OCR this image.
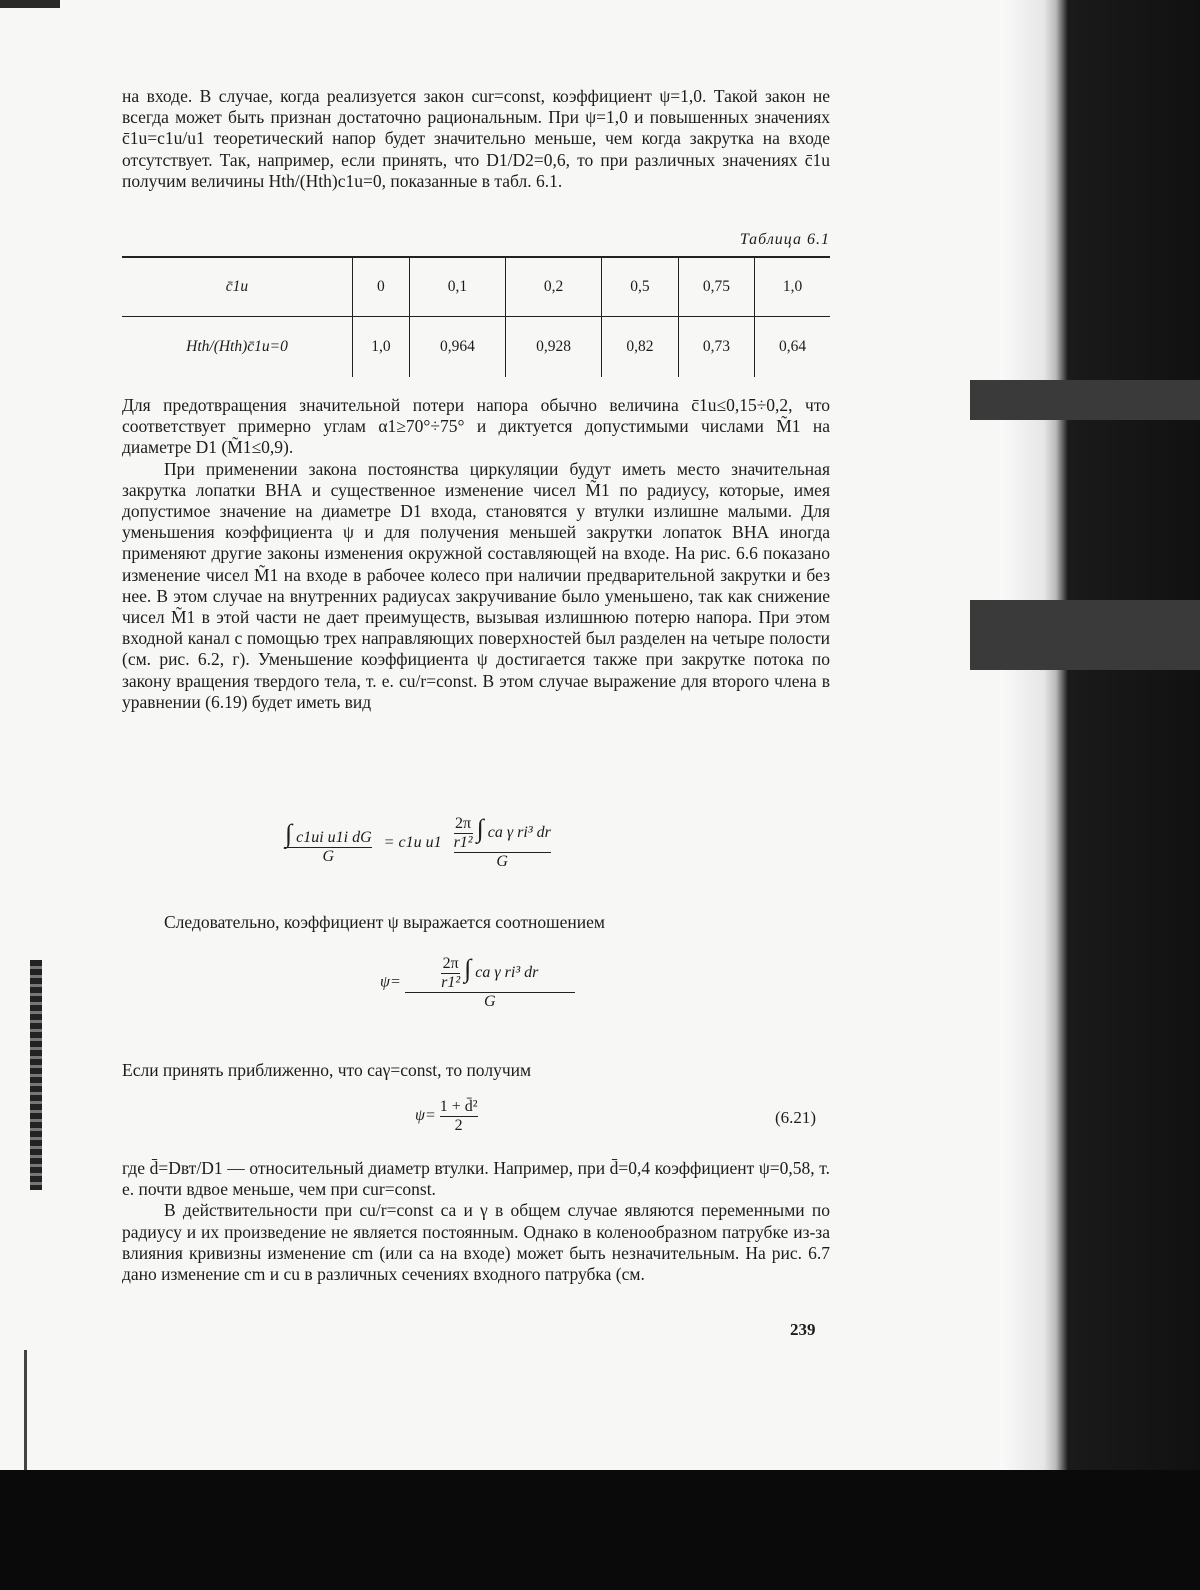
на входе. В случае, когда реализуется закон cur=const, коэффициент ψ=1,0. Такой закон не всегда может быть признан достаточно рациональным. При ψ=1,0 и повышенных значениях c̄1u=c1u/u1 теоретический напор будет значительно меньше, чем когда закрутка на входе отсутствует. Так, например, если принять, что D1/D2=0,6, то при различных значениях c̄1u получим величины Hth/(Hth)c1u=0, показанные в табл. 6.1.

Таблица 6.1
c̄1u	0	0,1	0,2	0,5	0,75	1,0
Hth/(Hth)c̄1u=0	1,0	0,964	0,928	0,82	0,73	0,64

Для предотвращения значительной потери напора обычно величина c̄1u≤0,15÷0,2, что соответствует примерно углам α1≥70°÷75° и диктуется допустимыми числами M̃1 на диаметре D1 (M̃1≤0,9).

При применении закона постоянства циркуляции будут иметь место значительная закрутка лопатки ВНА и существенное изменение чисел M̃1 по радиусу, которые, имея допустимое значение на диаметре D1 входа, становятся у втулки излишне малыми. Для уменьшения коэффициента ψ и для получения меньшей закрутки лопаток ВНА иногда применяют другие законы изменения окружной составляющей на входе. На рис. 6.6 показано изменение чисел M̃1 на входе в рабочее колесо при наличии предварительной закрутки и без нее. В этом случае на внутренних радиусах закручивание было уменьшено, так как снижение чисел M̃1 в этой части не дает преимуществ, вызывая излишнюю потерю напора. При этом входной канал с помощью трех направляющих поверхностей был разделен на четыре полости (см. рис. 6.2, г). Уменьшение коэффициента ψ достигается также при закрутке потока по закону вращения твердого тела, т. е. cu/r=const. В этом случае выражение для второго члена в уравнении (6.19) будет иметь вид

$\frac{\text{∫ c1ui u1i dG}}{G} = c1u$ $u1 \frac{\frac{2\pi}{\text{r1²}} \int ca \gamma ri^3 dr}{G}$

Следовательно, коэффициент ψ выражается соотношением

$\psi= \frac{\frac{2\pi}{\text{r1²}} \int ca \gamma ri^3 dr}{G}$

Если принять приближенно, что caγ=const, то получим

$\psi= \frac{\text{1 + d̄²}}{2}$	(6.21)

где d̄=Dвт/D1 — относительный диаметр втулки. Например, при d̄=0,4 коэффициент ψ=0,58, т. е. почти вдвое меньше, чем при cur=const.

В действительности при cu/r=const ca и γ в общем случае являются переменными по радиусу и их произведение не является постоянным. Однако в коленообразном патрубке из-за влияния кривизны изменение cm (или ca на входе) может быть незначительным. На рис. 6.7 дано изменение cm и cu в различных сечениях входного патрубка (см.

239
